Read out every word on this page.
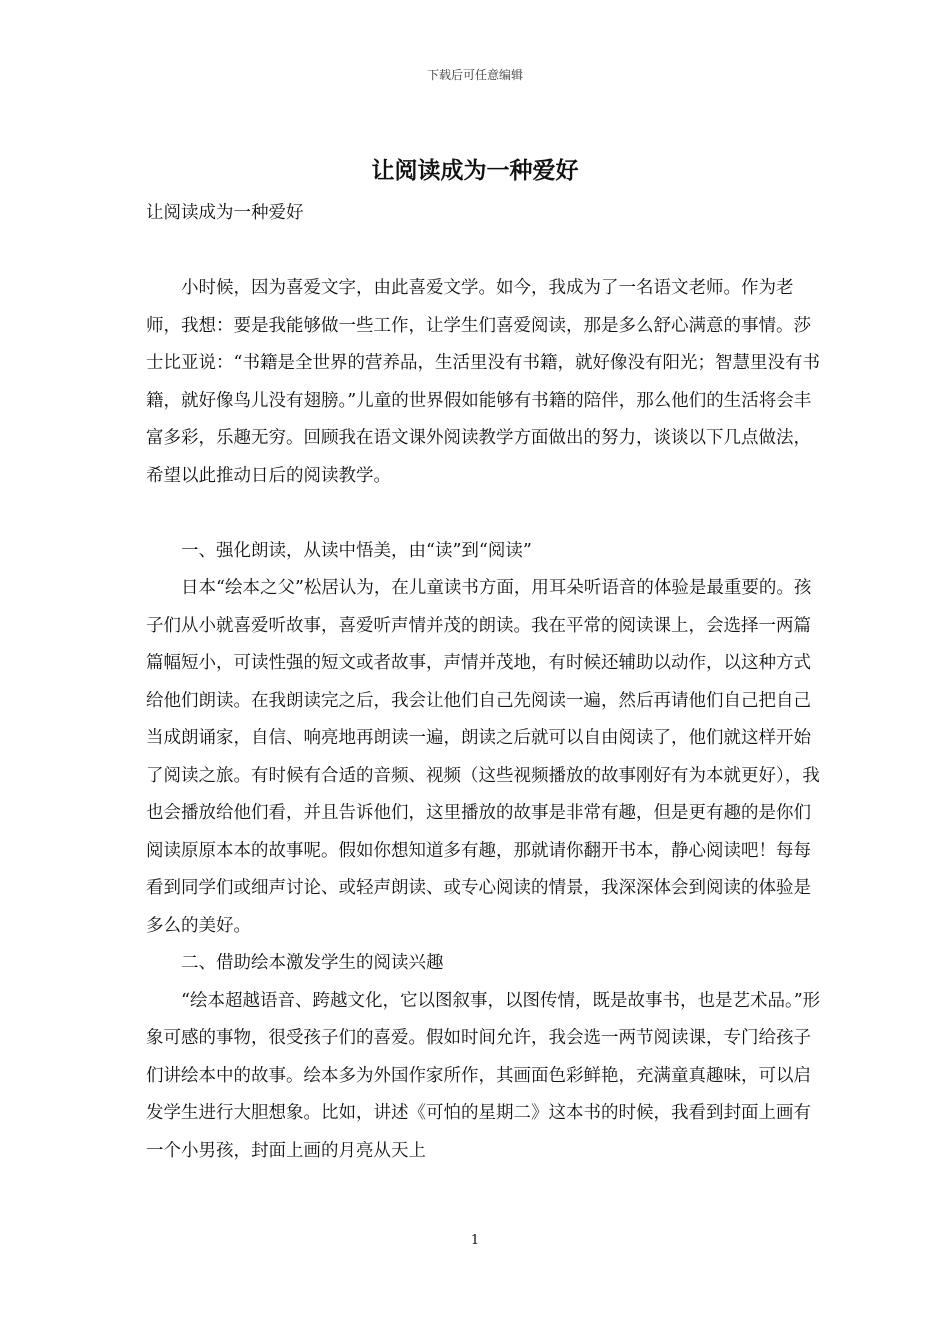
下载后可任意编辑
让阅读成为一种爱好

让阅读成为一种爱好

小时候，因为喜爱文字，由此喜爱文学。如今，我成为了一名语文老师。作为老师，我想：要是我能够做一些工作，让学生们喜爱阅读，那是多么舒心满意的事情。莎士比亚说：“书籍是全世界的营养品，生活里没有书籍，就好像没有阳光；智慧里没有书籍，就好像鸟儿没有翅膀。”儿童的世界假如能够有书籍的陪伴，那么他们的生活将会丰富多彩，乐趣无穷。回顾我在语文课外阅读教学方面做出的努力，谈谈以下几点做法，希望以此推动日后的阅读教学。

一、强化朗读，从读中悟美，由“读”到“阅读”

日本“绘本之父”松居认为，在儿童读书方面，用耳朵听语音的体验是最重要的。孩子们从小就喜爱听故事，喜爱听声情并茂的朗读。我在平常的阅读课上，会选择一两篇篇幅短小，可读性强的短文或者故事，声情并茂地，有时候还辅助以动作，以这种方式给他们朗读。在我朗读完之后，我会让他们自己先阅读一遍，然后再请他们自己把自己当成朗诵家，自信、响亮地再朗读一遍，朗读之后就可以自由阅读了，他们就这样开始了阅读之旅。有时候有合适的音频、视频（这些视频播放的故事刚好有为本就更好），我也会播放给他们看，并且告诉他们，这里播放的故事是非常有趣，但是更有趣的是你们阅读原原本本的故事呢。假如你想知道多有趣，那就请你翻开书本，静心阅读吧！每每看到同学们或细声讨论、或轻声朗读、或专心阅读的情景，我深深体会到阅读的体验是多么的美好。

二、借助绘本激发学生的阅读兴趣

“绘本超越语音、跨越文化，它以图叙事，以图传情，既是故事书，也是艺术品。”形象可感的事物，很受孩子们的喜爱。假如时间允许，我会选一两节阅读课，专门给孩子们讲绘本中的故事。绘本多为外国作家所作，其画面色彩鲜艳，充满童真趣味，可以启发学生进行大胆想象。比如，讲述《可怕的星期二》这本书的时候，我看到封面上画有一个小男孩，封面上画的月亮从天上

1
